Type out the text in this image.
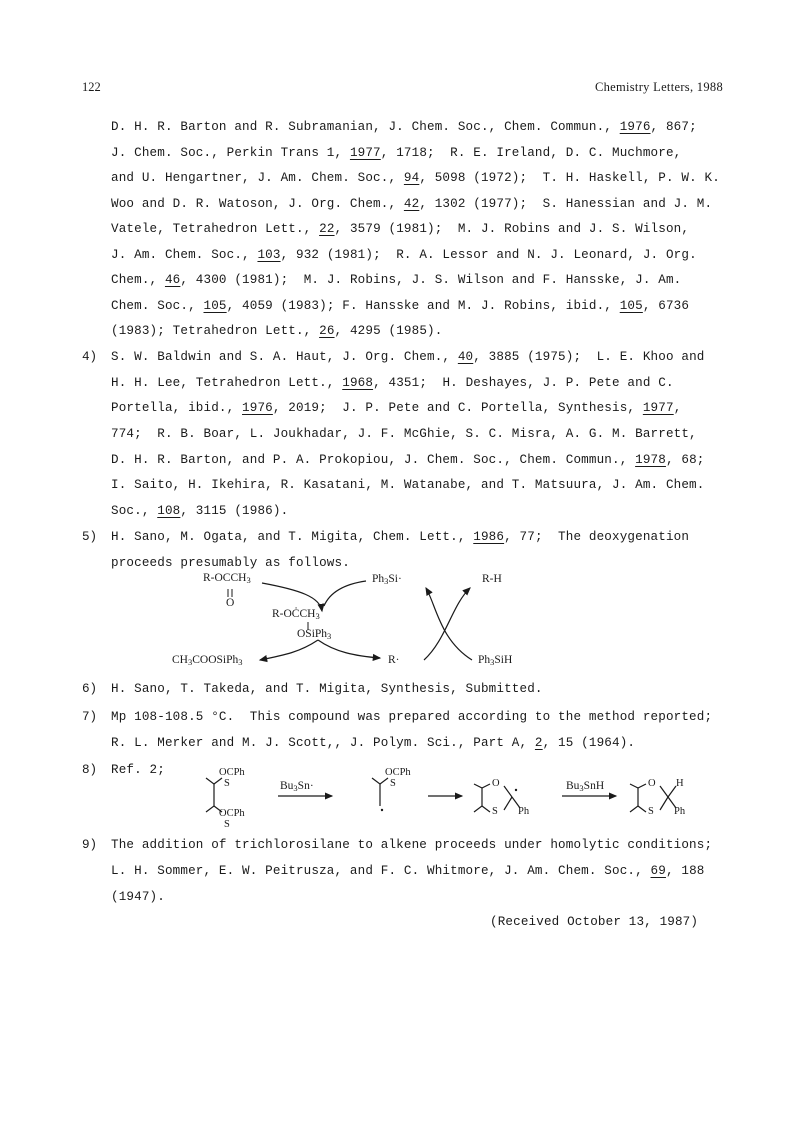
122	Chemistry Letters, 1988
4)
5)
6)
7)
8)
9)
D. H. R. Barton and R. Subramanian, J. Chem. Soc., Chem. Commun., 1976, 867;
J. Chem. Soc., Perkin Trans 1, 1977, 1718;  R. E. Ireland, D. C. Muchmore,
and U. Hengartner, J. Am. Chem. Soc., 94, 5098 (1972);  T. H. Haskell, P. W. K.
Woo and D. R. Watoson, J. Org. Chem., 42, 1302 (1977);  S. Hanessian and J. M.
Vatele, Tetrahedron Lett., 22, 3579 (1981);  M. J. Robins and J. S. Wilson,
J. Am. Chem. Soc., 103, 932 (1981);  R. A. Lessor and N. J. Leonard, J. Org.
Chem., 46, 4300 (1981);  M. J. Robins, J. S. Wilson and F. Hansske, J. Am.
Chem. Soc., 105, 4059 (1983); F. Hansske and M. J. Robins, ibid., 105, 6736
(1983); Tetrahedron Lett., 26, 4295 (1985).
S. W. Baldwin and S. A. Haut, J. Org. Chem., 40, 3885 (1975);  L. E. Khoo and
H. H. Lee, Tetrahedron Lett., 1968, 4351;  H. Deshayes, J. P. Pete and C.
Portella, ibid., 1976, 2019;  J. P. Pete and C. Portella, Synthesis, 1977,
774;  R. B. Boar, L. Joukhadar, J. F. McGhie, S. C. Misra, A. G. M. Barrett,
D. H. R. Barton, and P. A. Prokopiou, J. Chem. Soc., Chem. Commun., 1978, 68;
I. Saito, H. Ikehira, R. Kasatani, M. Watanabe, and T. Matsuura, J. Am. Chem.
Soc., 108, 3115 (1986).
H. Sano, M. Ogata, and T. Migita, Chem. Lett., 1986, 77;  The deoxygenation
proceeds presumably as follows.
H. Sano, T. Takeda, and T. Migita, Synthesis, Submitted.
Mp 108-108.5 °C.  This compound was prepared according to the method reported;
R. L. Merker and M. J. Scott,, J. Polym. Sci., Part A, 2, 15 (1964).
Ref. 2;
The addition of trichlorosilane to alkene proceeds under homolytic conditions;
L. H. Sommer, E. W. Peitrusza, and F. C. Whitmore, J. Am. Chem. Soc., 69, 188
(1947).
(Received October 13, 1987)
$R-OCCH_3$
O
$Ph_3Si\cdot$	R-H
$R-OĊCH_3$
OSiPh$_3$
$CH_3COOSiPh_3$	R·	$Ph_3SiH$
OCPh
S
OCPh
S
$Bu_3Sn\cdot$
OCPh
S	O
S Ph
$Bu_3SnH$	O H
S Ph
